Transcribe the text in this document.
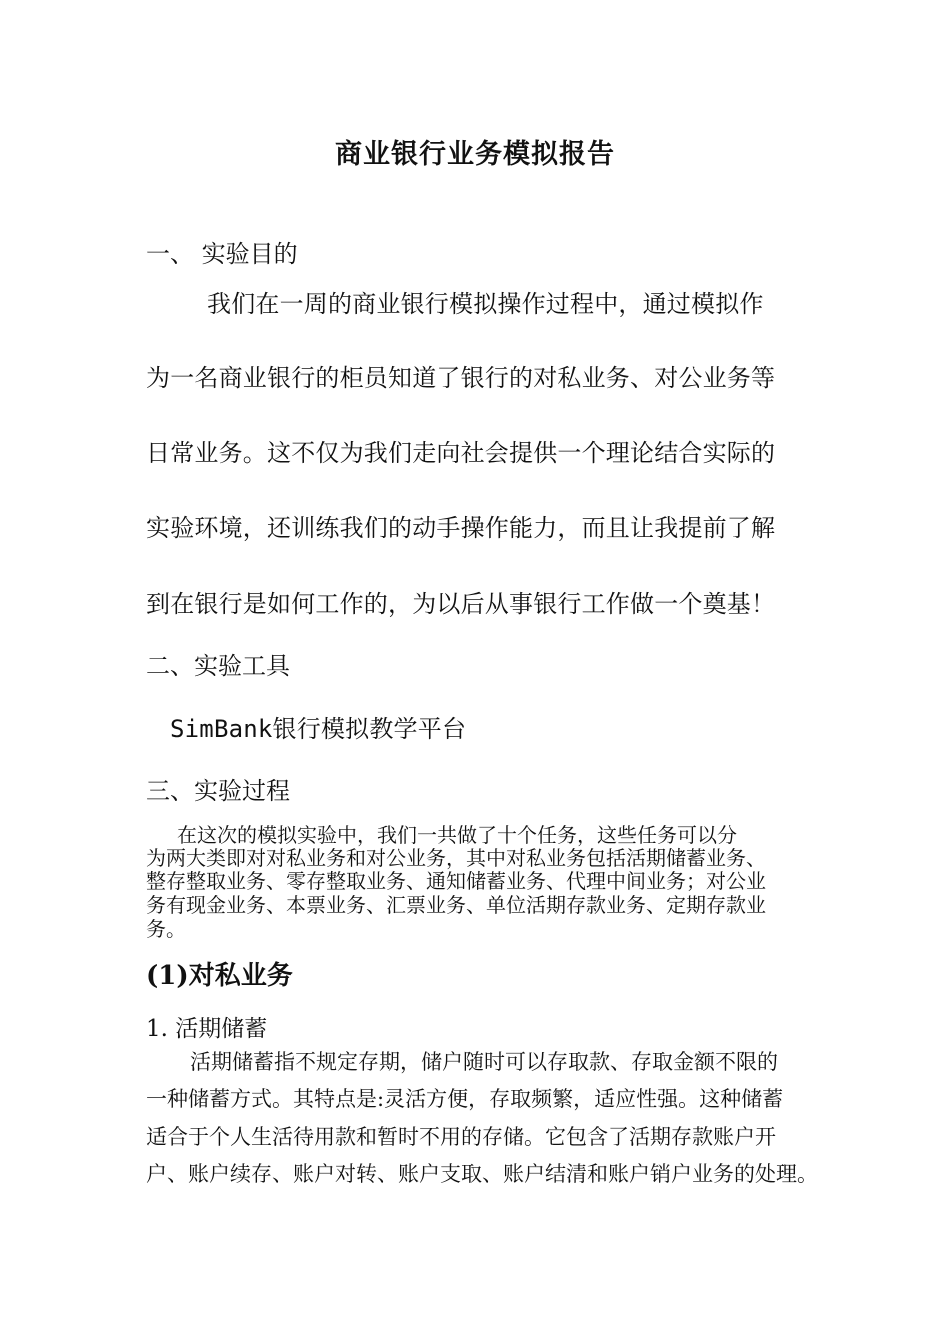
商业银行业务模拟报告
一、 实验目的

我们在一周的商业银行模拟操作过程中，通过模拟作

为一名商业银行的柜员知道了银行的对私业务、对公业务等

日常业务。这不仅为我们走向社会提供一个理论结合实际的

实验环境，还训练我们的动手操作能力，而且让我提前了解

到在银行是如何工作的，为以后从事银行工作做一个奠基！

二、实验工具
SimBank银行模拟教学平台
三、实验过程

在这次的模拟实验中，我们一共做了十个任务，这些任务可以分

为两大类即对对私业务和对公业务，其中对私业务包括活期储蓄业务、

整存整取业务、零存整取业务、通知储蓄业务、代理中间业务；对公业

务有现金业务、本票业务、汇票业务、单位活期存款业务、定期存款业

务。

(1)对私业务
1. 活期储蓄

活期储蓄指不规定存期，储户随时可以存取款、存取金额不限的

一种储蓄方式。其特点是:灵活方便，存取频繁，适应性强。这种储蓄

适合于个人生活待用款和暂时不用的存储。它包含了活期存款账户开

户、账户续存、账户对转、账户支取、账户结清和账户销户业务的处理。
